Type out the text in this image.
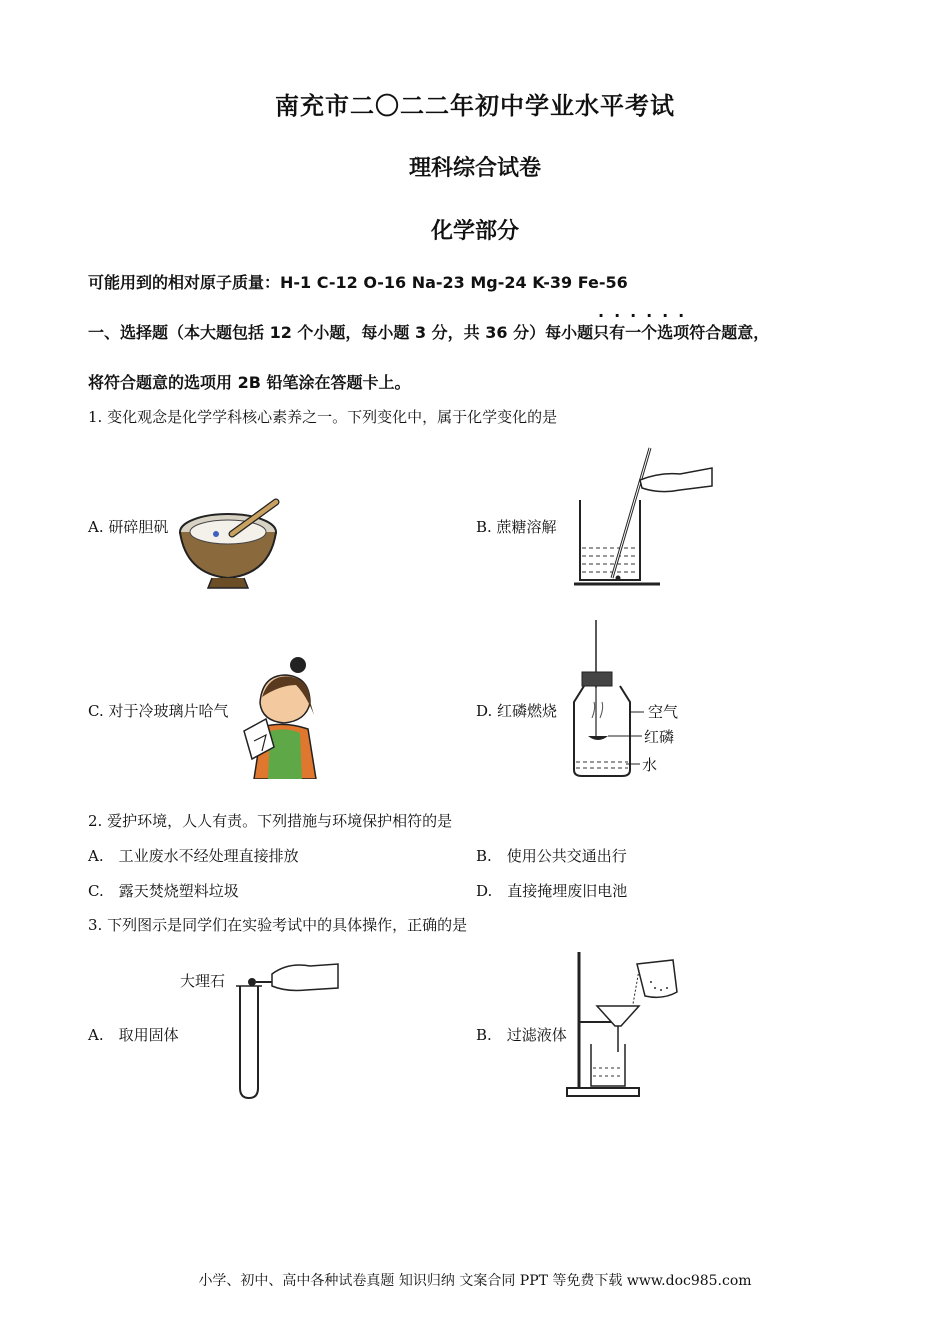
南充市二〇二二年初中学业水平考试
理科综合试卷
化学部分
可能用到的相对原子质量：H-1 C-12 O-16 Na-23 Mg-24 K-39 Fe-56
一、选择题（本大题包括 12 个小题，每小题 3 分，共 36 分）每小题只有一个选项符合题意，
将符合题意的选项用 2B 铅笔涂在答题卡上。
1. 变化观念是化学学科核心素养之一。下列变化中，属于化学变化的是
A. 研碎胆矾	B. 蔗糖溶解
C. 对于冷玻璃片哈气	D. 红磷燃烧	空气
红磷
水
2. 爱护环境，人人有责。下列措施与环境保护相符的是
A.　工业废水不经处理直接排放	B.　使用公共交通出行
C.　露天焚烧塑料垃圾	D.　直接掩埋废旧电池
3. 下列图示是同学们在实验考试中的具体操作，正确的是
A.　取用固体
大理石
B.　过滤液体
小学、初中、高中各种试卷真题 知识归纳 文案合同 PPT 等免费下载 www.doc985.com
